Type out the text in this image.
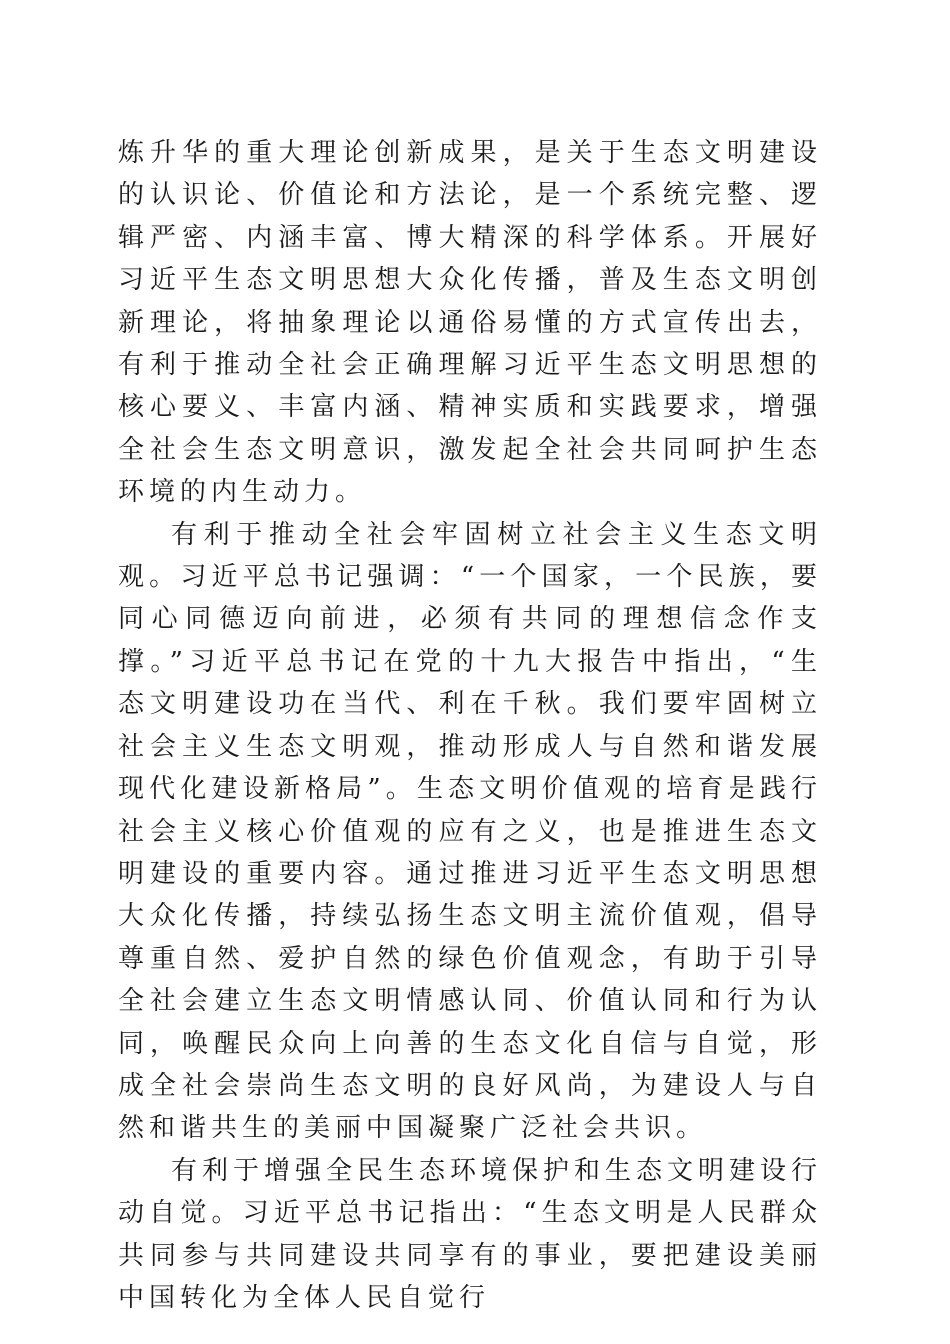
炼升华的重大理论创新成果，是关于生态文明建设的认识论、价值论和方法论，是一个系统完整、逻辑严密、内涵丰富、博大精深的科学体系。开展好习近平生态文明思想大众化传播，普及生态文明创新理论，将抽象理论以通俗易懂的方式宣传出去，有利于推动全社会正确理解习近平生态文明思想的核心要义、丰富内涵、精神实质和实践要求，增强全社会生态文明意识，激发起全社会共同呵护生态环境的内生动力。

有利于推动全社会牢固树立社会主义生态文明观。习近平总书记强调：“一个国家，一个民族，要同心同德迈向前进，必须有共同的理想信念作支撑。”习近平总书记在党的十九大报告中指出，“生态文明建设功在当代、利在千秋。我们要牢固树立社会主义生态文明观，推动形成人与自然和谐发展现代化建设新格局”。生态文明价值观的培育是践行社会主义核心价值观的应有之义，也是推进生态文明建设的重要内容。通过推进习近平生态文明思想大众化传播，持续弘扬生态文明主流价值观，倡导尊重自然、爱护自然的绿色价值观念，有助于引导全社会建立生态文明情感认同、价值认同和行为认同，唤醒民众向上向善的生态文化自信与自觉，形成全社会崇尚生态文明的良好风尚，为建设人与自然和谐共生的美丽中国凝聚广泛社会共识。

有利于增强全民生态环境保护和生态文明建设行动自觉。习近平总书记指出：“生态文明是人民群众共同参与共同建设共同享有的事业，要把建设美丽中国转化为全体人民自觉行
